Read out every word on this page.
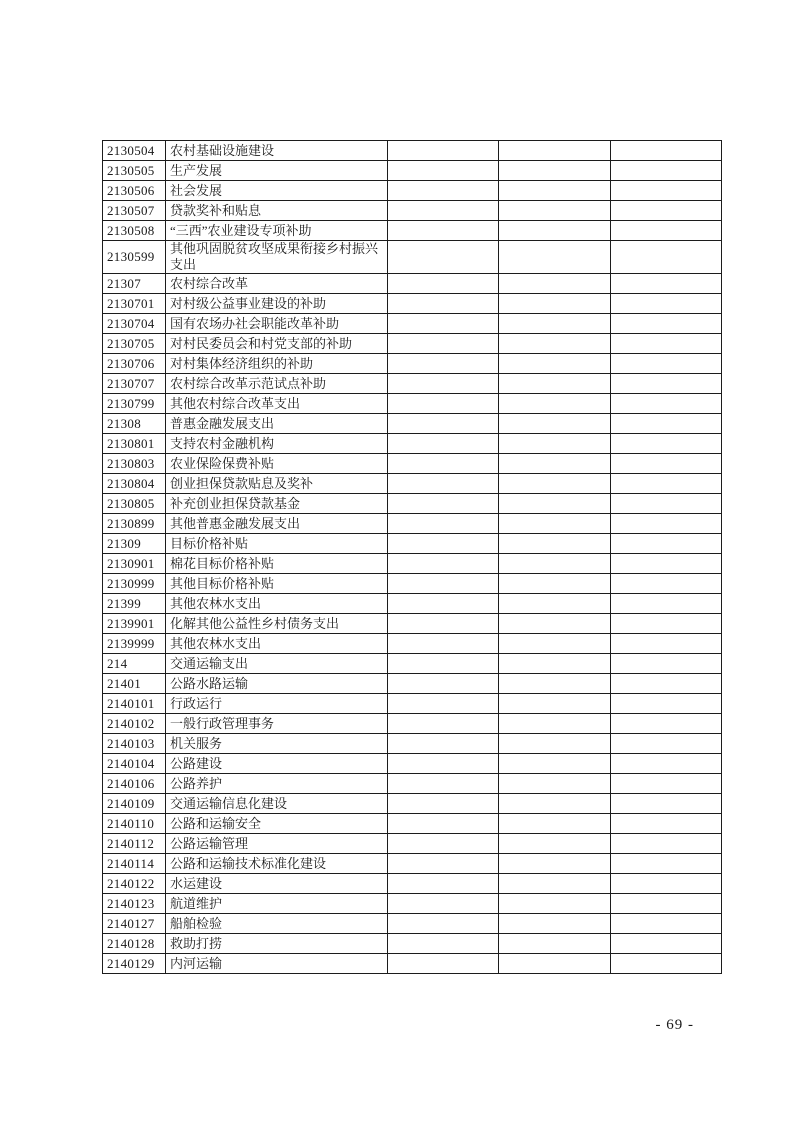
2130504	农村基础设施建设			
2130505	生产发展			
2130506	社会发展			
2130507	贷款奖补和贴息			
2130508	“三西”农业建设专项补助			
2130599	其他巩固脱贫攻坚成果衔接乡村振兴支出			
21307	农村综合改革			
2130701	对村级公益事业建设的补助			
2130704	国有农场办社会职能改革补助			
2130705	对村民委员会和村党支部的补助			
2130706	对村集体经济组织的补助			
2130707	农村综合改革示范试点补助			
2130799	其他农村综合改革支出			
21308	普惠金融发展支出			
2130801	支持农村金融机构			
2130803	农业保险保费补贴			
2130804	创业担保贷款贴息及奖补			
2130805	补充创业担保贷款基金			
2130899	其他普惠金融发展支出			
21309	目标价格补贴			
2130901	棉花目标价格补贴			
2130999	其他目标价格补贴			
21399	其他农林水支出			
2139901	化解其他公益性乡村债务支出			
2139999	其他农林水支出			
214	交通运输支出			
21401	公路水路运输			
2140101	行政运行			
2140102	一般行政管理事务			
2140103	机关服务			
2140104	公路建设			
2140106	公路养护			
2140109	交通运输信息化建设			
2140110	公路和运输安全			
2140112	公路运输管理			
2140114	公路和运输技术标准化建设			
2140122	水运建设			
2140123	航道维护			
2140127	船舶检验			
2140128	救助打捞			
2140129	内河运输			
- 69 -
